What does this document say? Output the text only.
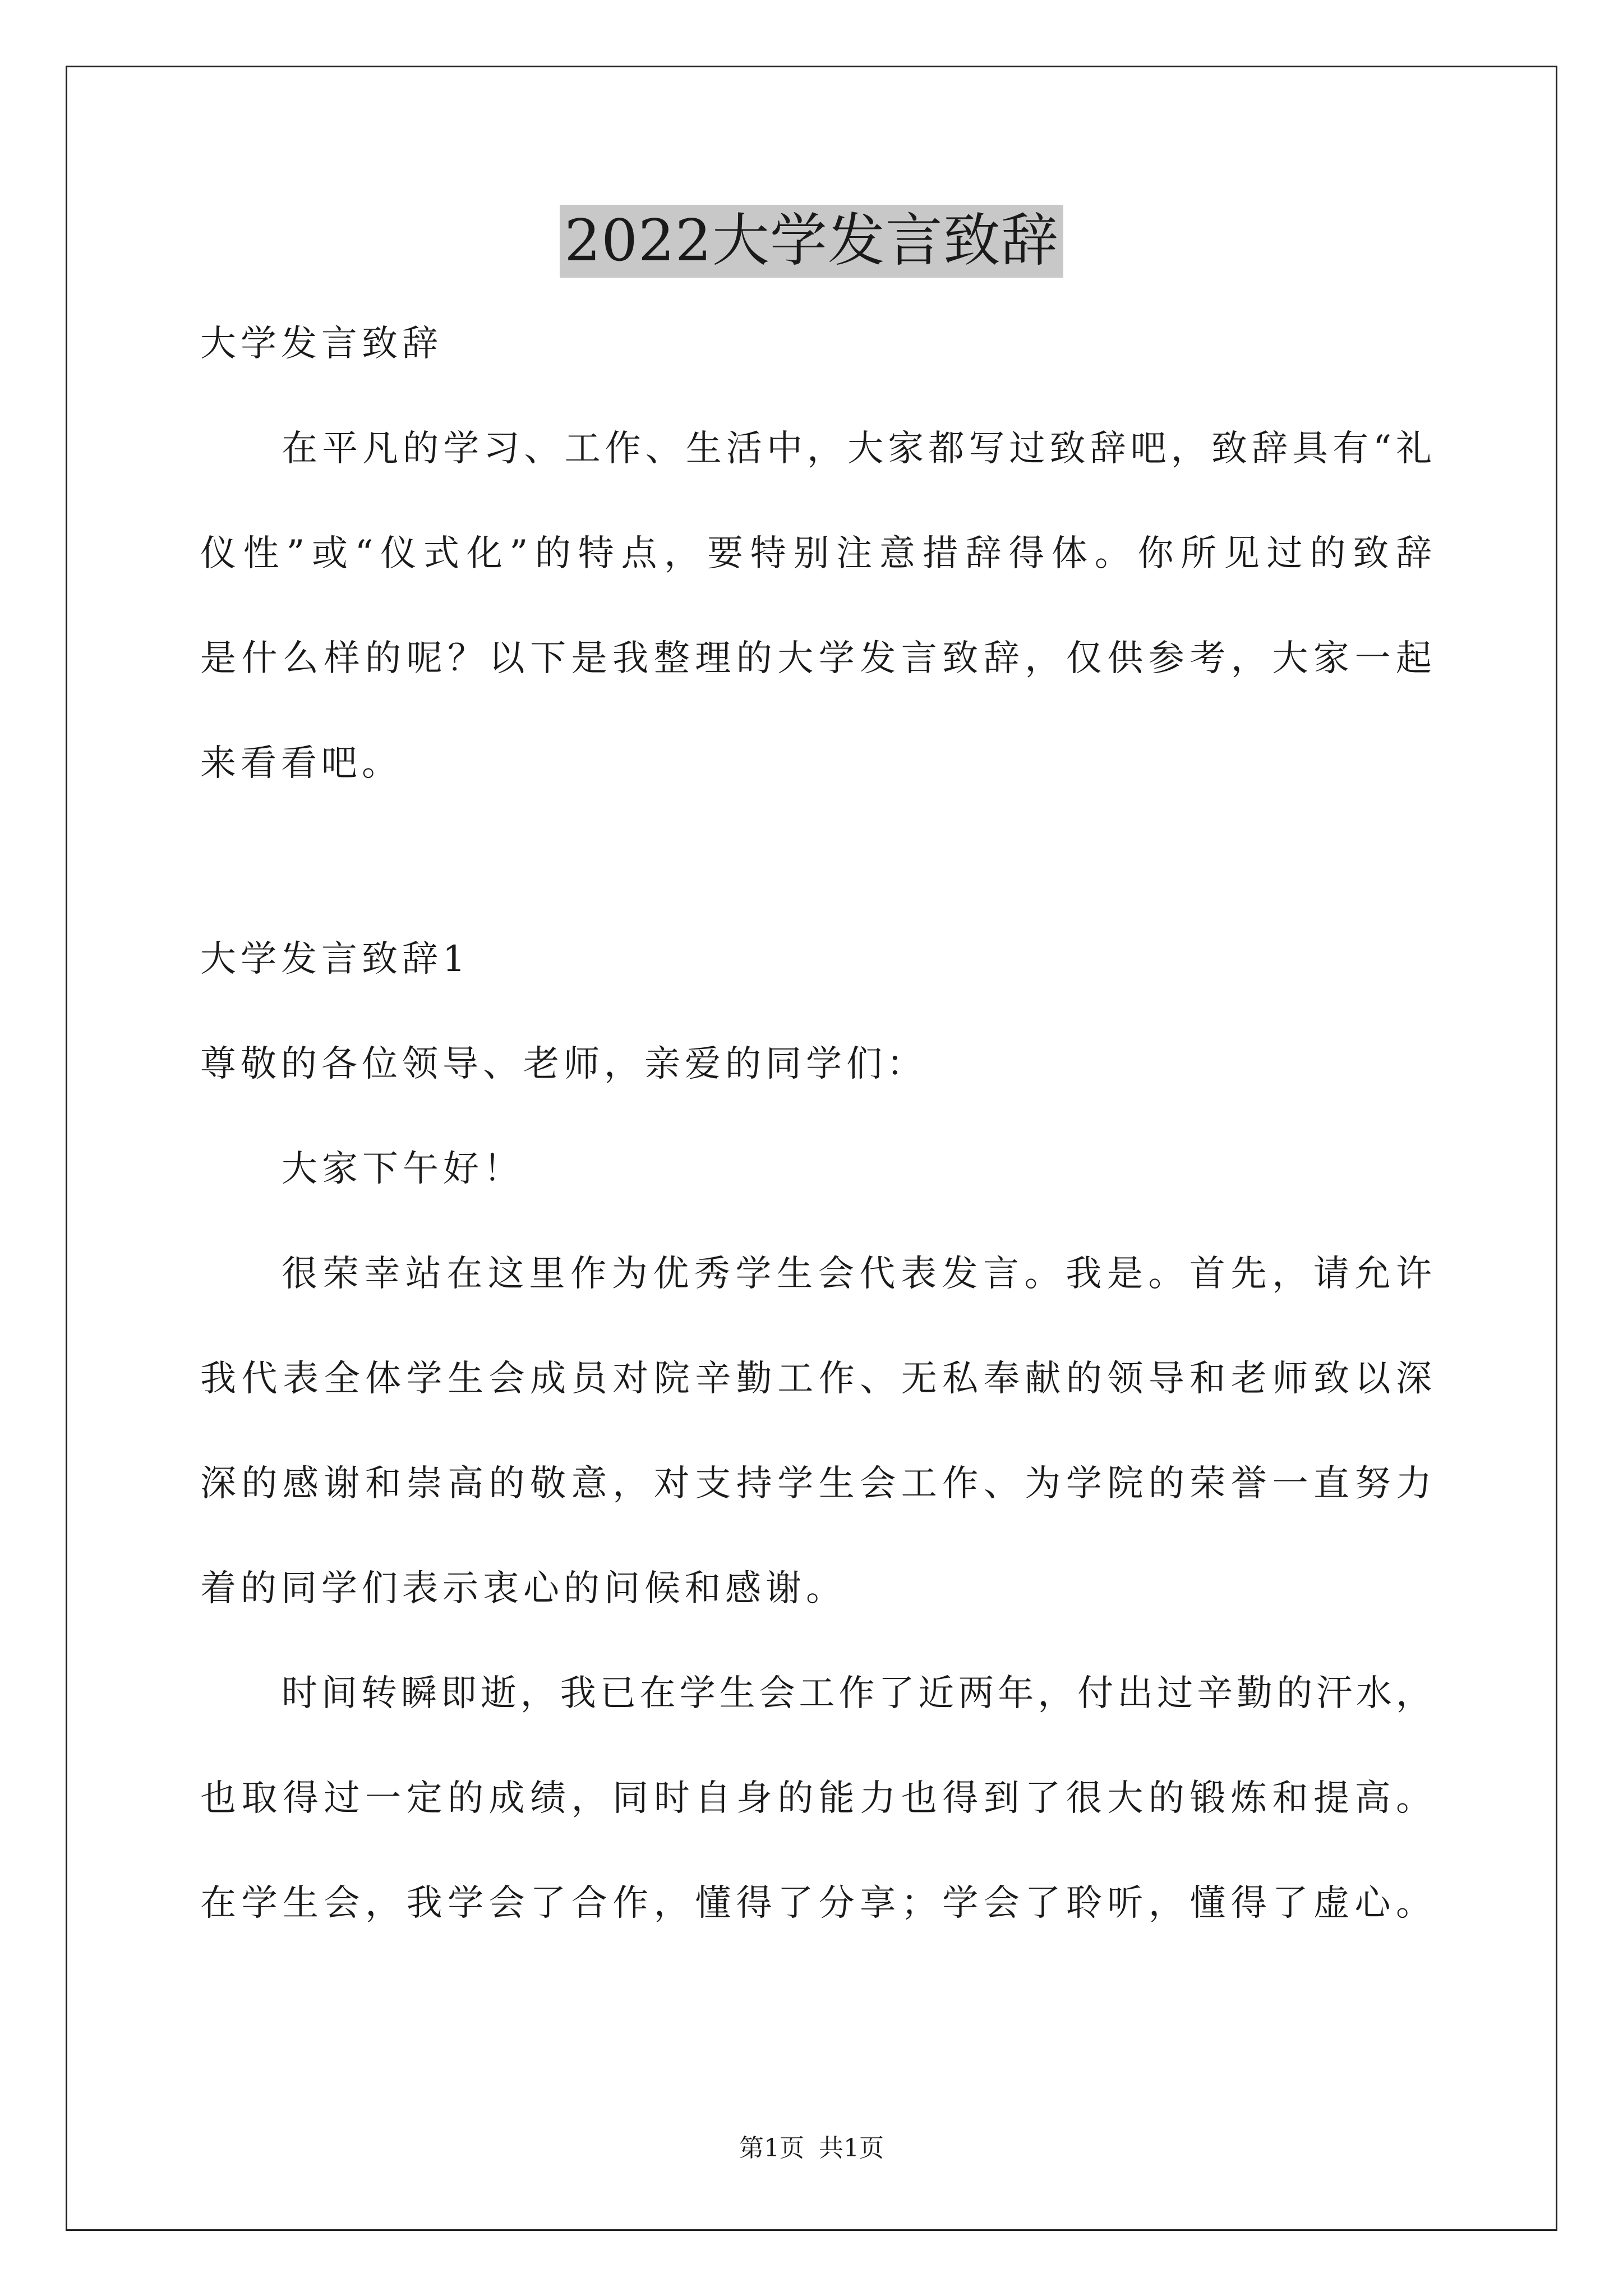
2022大学发言致辞
大学发言致辞
在平凡的学习、工作、生活中，大家都写过致辞吧，致辞具有“礼
仪性”或“仪式化”的特点，要特别注意措辞得体。你所见过的致辞
是什么样的呢？以下是我整理的大学发言致辞，仅供参考，大家一起
来看看吧。
大学发言致辞1
尊敬的各位领导、老师，亲爱的同学们：
大家下午好！
很荣幸站在这里作为优秀学生会代表发言。我是。首先，请允许
我代表全体学生会成员对院辛勤工作、无私奉献的领导和老师致以深
深的感谢和崇高的敬意，对支持学生会工作、为学院的荣誉一直努力
着的同学们表示衷心的问候和感谢。
时间转瞬即逝，我已在学生会工作了近两年，付出过辛勤的汗水，
也取得过一定的成绩，同时自身的能力也得到了很大的锻炼和提高。
在学生会，我学会了合作，懂得了分享；学会了聆听，懂得了虚心。
第1页 共1页
